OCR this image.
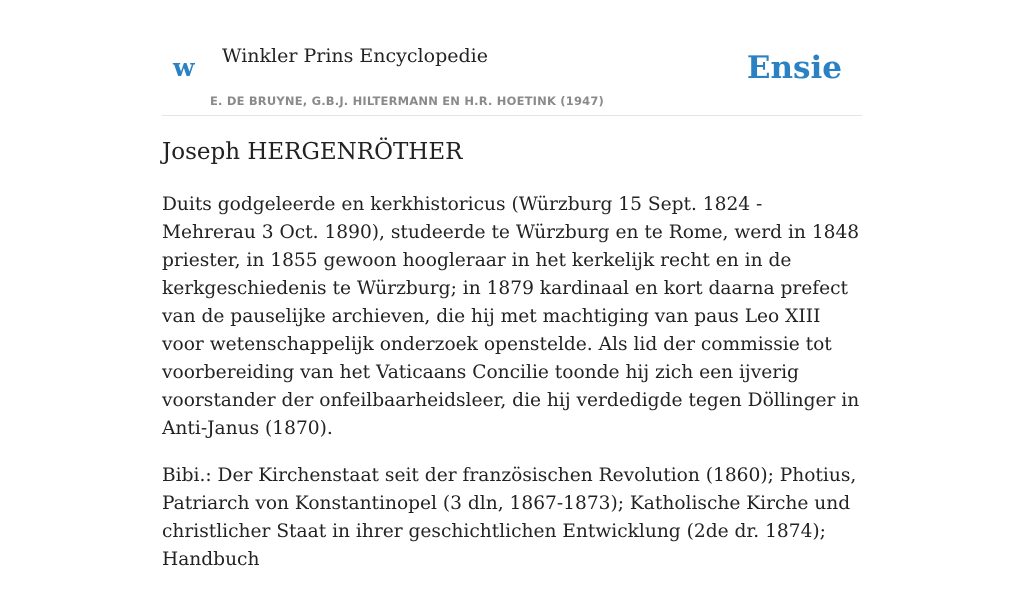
w Winkler Prins Encyclopedie
E. DE BRUYNE, G.B.J. HILTERMANN EN H.R. HOETINK (1947)
Ensie
Joseph HERGENRÖTHER

Duits godgeleerde en kerkhistoricus (Würzburg 15 Sept. 1824 - Mehrerau 3 Oct. 1890), studeerde te Würzburg en te Rome, werd in 1848 priester, in 1855 gewoon hoogleraar in het kerkelijk recht en in de kerkgeschiedenis te Würzburg; in 1879 kardinaal en kort daarna prefect van de pauselijke archieven, die hij met machtiging van paus Leo XIII voor wetenschappelijk onderzoek openstelde. Als lid der commissie tot voorbereiding van het Vaticaans Concilie toonde hij zich een ijverig voorstander der onfeilbaarheidsleer, die hij verdedigde tegen Döllinger in Anti-Janus (1870).

Bibi.: Der Kirchenstaat seit der französischen Revolution (1860); Photius, Patriarch von Konstantinopel (3 dln, 1867-1873); Katholische Kirche und christlicher Staat in ihrer geschichtlichen Entwicklung (2de dr. 1874); Handbuch
